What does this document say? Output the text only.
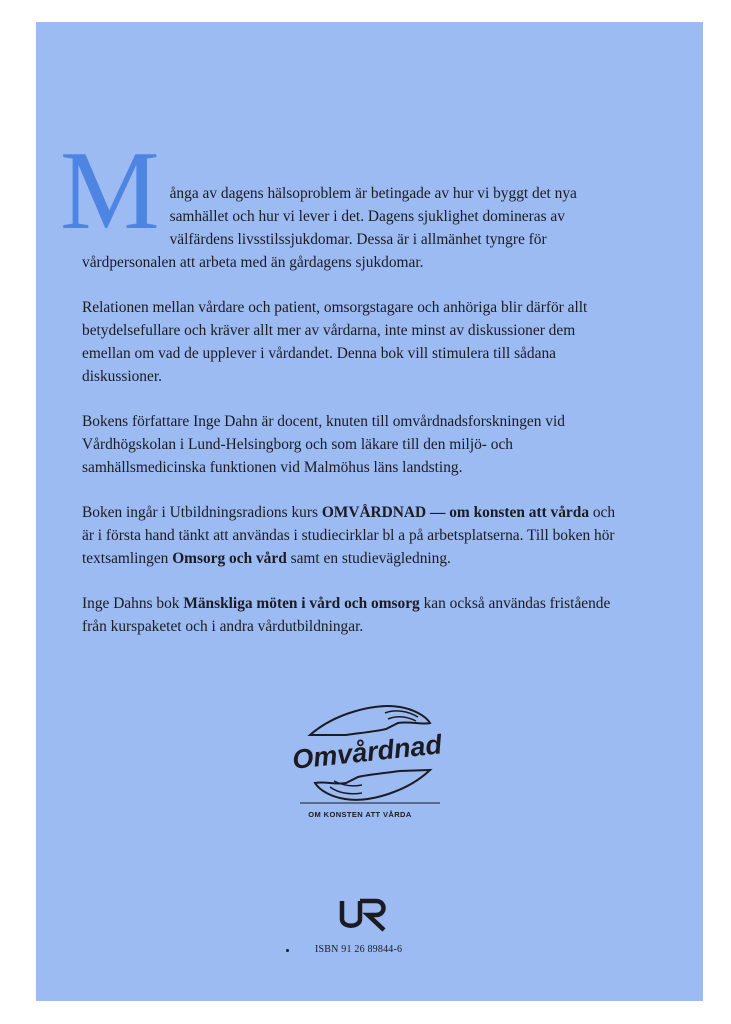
M ånga av dagens hälsoproblem är betingade av hur vi byggt det nya samhället och hur vi lever i det. Dagens sjuklighet domineras av välfärdens livsstilssjukdomar. Dessa är i allmänhet tyngre för vårdpersonalen att arbeta med än gårdagens sjukdomar.

Relationen mellan vårdare och patient, omsorgstagare och anhöriga blir därför allt betydelsefullare och kräver allt mer av vårdarna, inte minst av diskussioner dem emellan om vad de upplever i vårdandet. Denna bok vill stimulera till sådana diskussioner.

Bokens författare Inge Dahn är docent, knuten till omvårdnadsforskningen vid Vårdhögskolan i Lund-Helsingborg och som läkare till den miljö- och samhällsmedicinska funktionen vid Malmöhus läns landsting.

Boken ingår i Utbildningsradions kurs OMVÅRDNAD — om konsten att vårda och är i första hand tänkt att användas i studiecirklar bl a på arbetsplatserna. Till boken hör textsamlingen Omsorg och vård samt en studievägledning.

Inge Dahns bok Mänskliga möten i vård och omsorg kan också användas fristående från kurspaketet och i andra vårdutbildningar.

Omvårdnad
OM KONSTEN ATT VÅRDA
ISBN 91 26 89844-6
